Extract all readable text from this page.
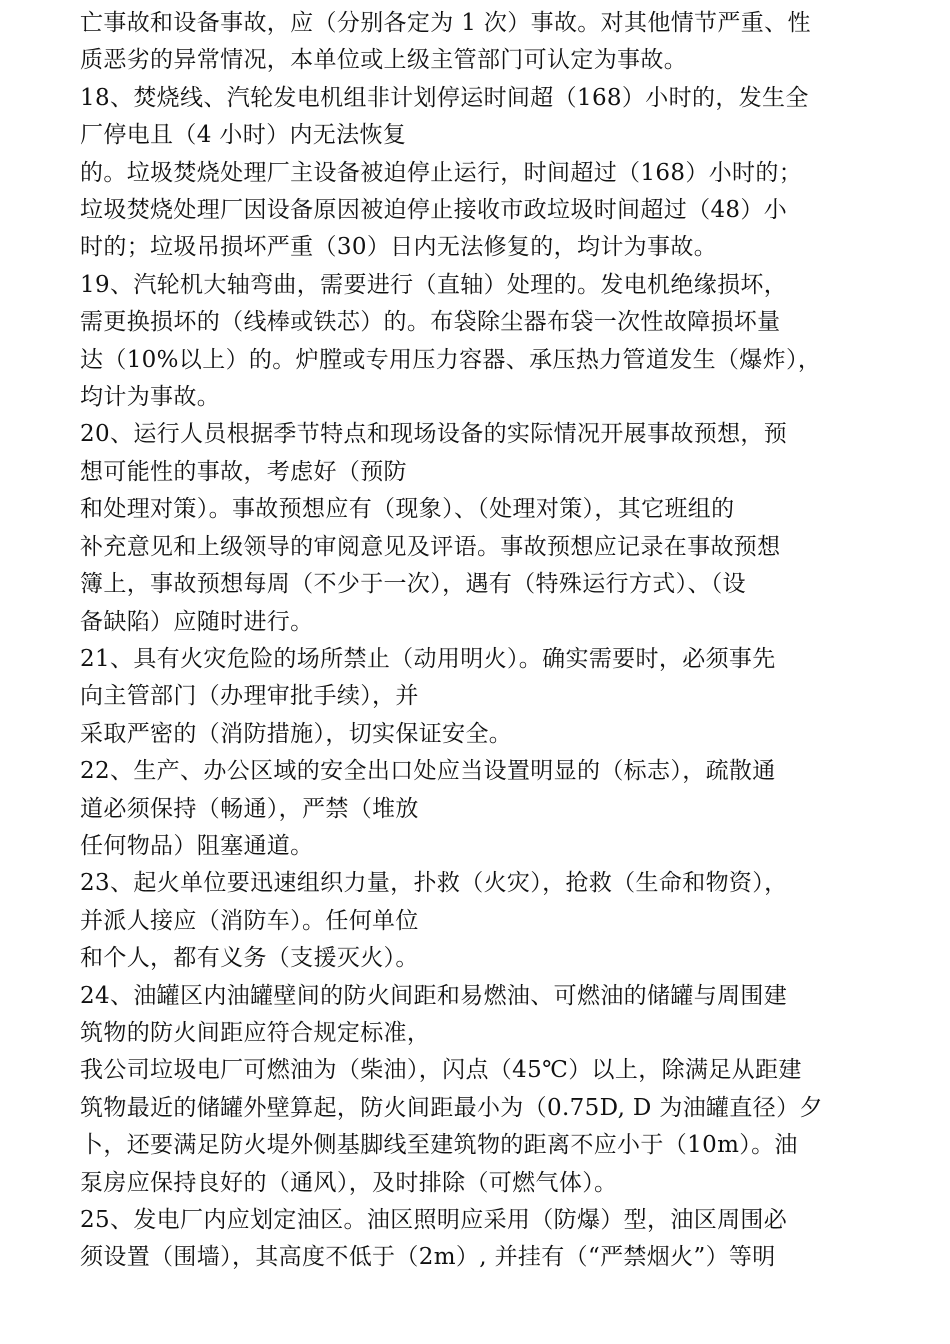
亡事故和设备事故，应（分别各定为 1 次）事故。对其他情节严重、性
质恶劣的异常情况，本单位或上级主管部门可认定为事故。
18、焚烧线、汽轮发电机组非计划停运时间超（168）小时的，发生全
厂停电且（4 小时）内无法恢复
的。垃圾焚烧处理厂主设备被迫停止运行，时间超过（168）小时的；
垃圾焚烧处理厂因设备原因被迫停止接收市政垃圾时间超过（48）小
时的；垃圾吊损坏严重（30）日内无法修复的，均计为事故。
19、汽轮机大轴弯曲，需要进行（直轴）处理的。发电机绝缘损坏，
需更换损坏的（线棒或铁芯）的。布袋除尘器布袋一次性故障损坏量
达（10%以上）的。炉膛或专用压力容器、承压热力管道发生（爆炸），
均计为事故。
20、运行人员根据季节特点和现场设备的实际情况开展事故预想，预
想可能性的事故，考虑好（预防
和处理对策）。事故预想应有（现象）、（处理对策），其它班组的
补充意见和上级领导的审阅意见及评语。事故预想应记录在事故预想
簿上，事故预想每周（不少于一次），遇有（特殊运行方式）、（设
备缺陷）应随时进行。
21、具有火灾危险的场所禁止（动用明火）。确实需要时，必须事先
向主管部门（办理审批手续），并
采取严密的（消防措施），切实保证安全。
22、生产、办公区域的安全出口处应当设置明显的（标志），疏散通
道必须保持（畅通），严禁（堆放
任何物品）阻塞通道。
23、起火单位要迅速组织力量，扑救（火灾），抢救（生命和物资），
并派人接应（消防车）。任何单位
和个人，都有义务（支援灭火）。
24、油罐区内油罐壁间的防火间距和易燃油、可燃油的储罐与周围建
筑物的防火间距应符合规定标准，
我公司垃圾电厂可燃油为（柴油），闪点（45℃）以上，除满足从距建
筑物最近的储罐外壁算起，防火间距最小为（0.75D, D 为油罐直径）夕
卜，还要满足防火堤外侧基脚线至建筑物的距离不应小于（10m）。油
泵房应保持良好的（通风），及时排除（可燃气体）。
25、发电厂内应划定油区。油区照明应采用（防爆）型，油区周围必
须设置（围墙），其高度不低于（2m）, 并挂有（“严禁烟火”）等明
